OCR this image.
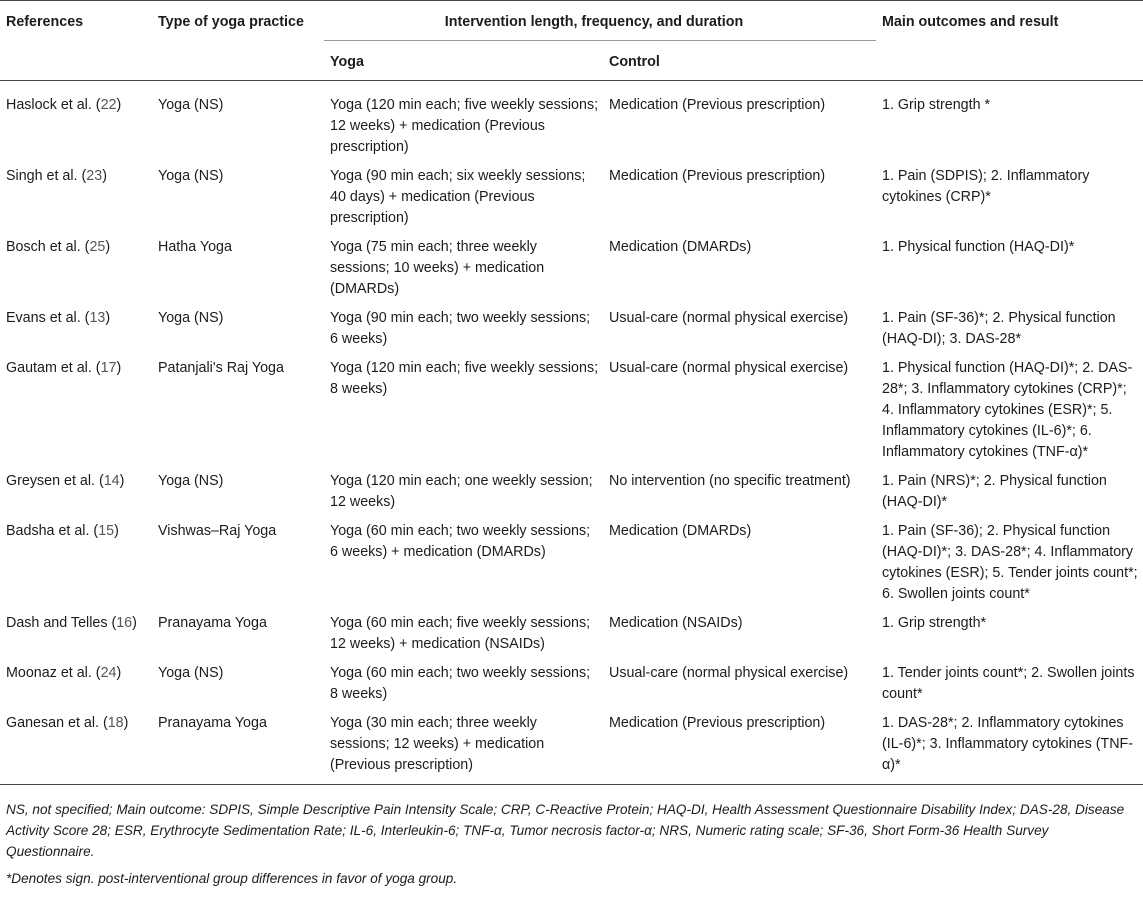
References	Type of yoga practice	Intervention length, frequency, and duration		Main outcomes and result
		Yoga	Control	

Haslock et al. (22)	Yoga (NS)	Yoga (120 min each; five weekly sessions; 12 weeks) + medication (Previous prescription)	Medication (Previous prescription)	1. Grip strength *
Singh et al. (23)	Yoga (NS)	Yoga (90 min each; six weekly sessions; 40 days) + medication (Previous prescription)	Medication (Previous prescription)	1. Pain (SDPIS); 2. Inflammatory cytokines (CRP)*
Bosch et al. (25)	Hatha Yoga	Yoga (75 min each; three weekly sessions; 10 weeks) + medication (DMARDs)	Medication (DMARDs)	1. Physical function (HAQ-DI)*
Evans et al. (13)	Yoga (NS)	Yoga (90 min each; two weekly sessions; 6 weeks)	Usual-care (normal physical exercise)	1. Pain (SF-36)*; 2. Physical function (HAQ-DI); 3. DAS-28*
Gautam et al. (17)	Patanjali's Raj Yoga	Yoga (120 min each; five weekly sessions; 8 weeks)	Usual-care (normal physical exercise)	1. Physical function (HAQ-DI)*; 2. DAS-28*; 3. Inflammatory cytokines (CRP)*; 4. Inflammatory cytokines (ESR)*; 5. Inflammatory cytokines (IL-6)*; 6. Inflammatory cytokines (TNF-α)*
Greysen et al. (14)	Yoga (NS)	Yoga (120 min each; one weekly session; 12 weeks)	No intervention (no specific treatment)	1. Pain (NRS)*; 2. Physical function (HAQ-DI)*
Badsha et al. (15)	Vishwas–Raj Yoga	Yoga (60 min each; two weekly sessions; 6 weeks) + medication (DMARDs)	Medication (DMARDs)	1. Pain (SF-36); 2. Physical function (HAQ-DI)*; 3. DAS-28*; 4. Inflammatory cytokines (ESR); 5. Tender joints count*; 6. Swollen joints count*
Dash and Telles (16)	Pranayama Yoga	Yoga (60 min each; five weekly sessions; 12 weeks) + medication (NSAIDs)	Medication (NSAIDs)	1. Grip strength*
Moonaz et al. (24)	Yoga (NS)	Yoga (60 min each; two weekly sessions; 8 weeks)	Usual-care (normal physical exercise)	1. Tender joints count*; 2. Swollen joints count*
Ganesan et al. (18)	Pranayama Yoga	Yoga (30 min each; three weekly sessions; 12 weeks) + medication (Previous prescription)	Medication (Previous prescription)	1. DAS-28*; 2. Inflammatory cytokines (IL-6)*; 3. Inflammatory cytokines (TNF-α)*
NS, not specified; Main outcome: SDPIS, Simple Descriptive Pain Intensity Scale; CRP, C-Reactive Protein; HAQ-DI, Health Assessment Questionnaire Disability Index; DAS-28, Disease Activity Score 28; ESR, Erythrocyte Sedimentation Rate; IL-6, Interleukin-6; TNF-α, Tumor necrosis factor-α; NRS, Numeric rating scale; SF-36, Short Form-36 Health Survey Questionnaire.
*Denotes sign. post-interventional group differences in favor of yoga group.
